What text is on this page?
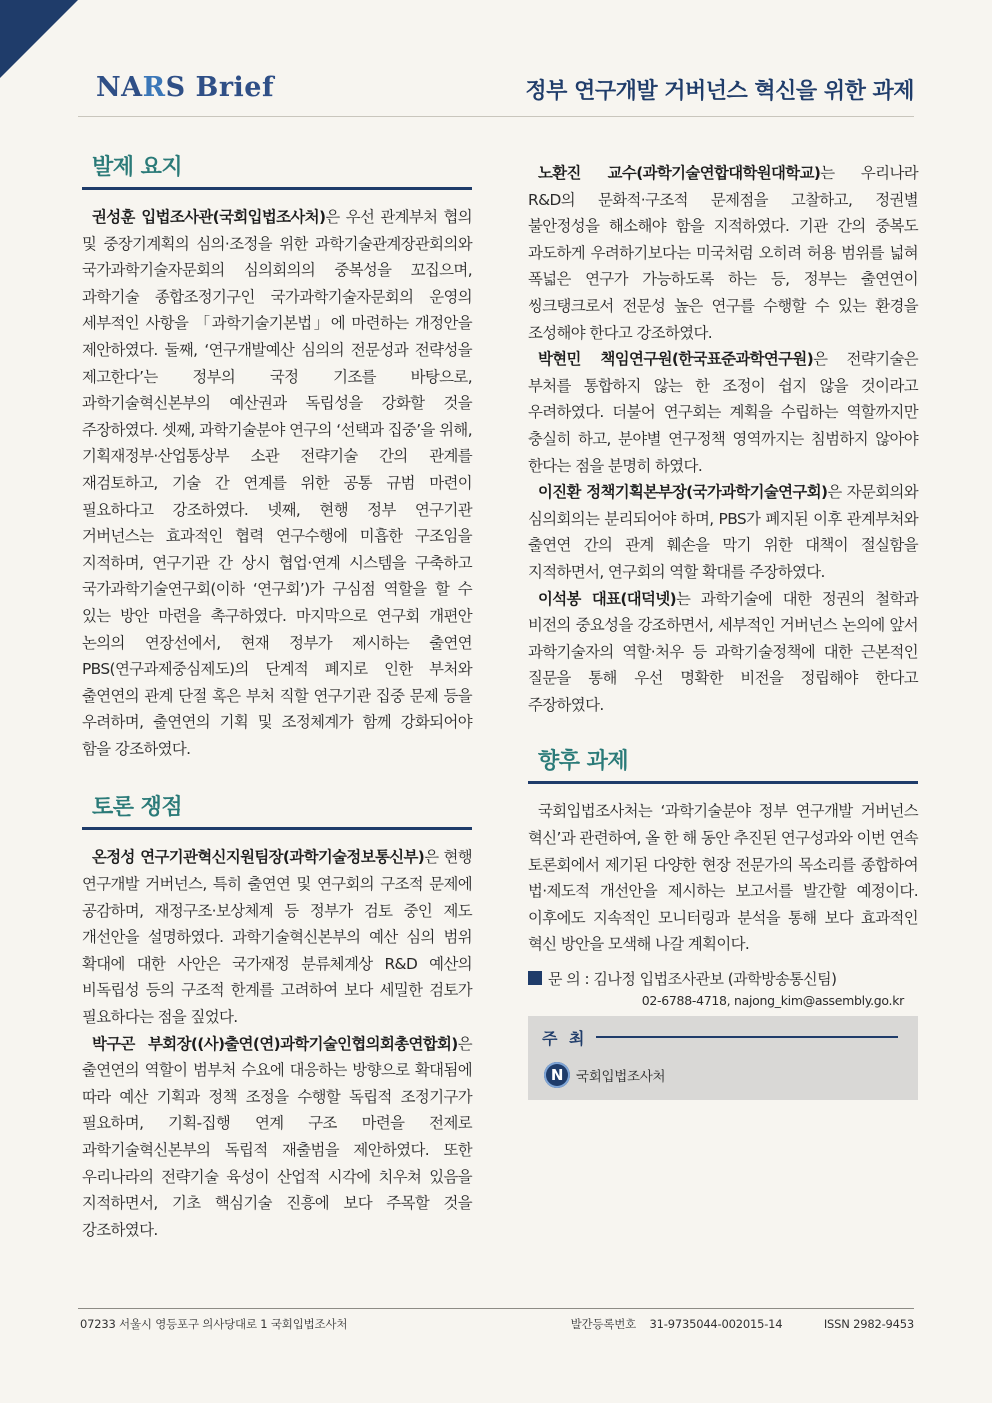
NARS Brief	정부 연구개발 거버넌스 혁신을 위한 과제
발제 요지

권성훈 입법조사관(국회입법조사처)은 우선 관계부처 협의 및 중장기계획의 심의·조정을 위한 과학기술관계장관회의와 국가과학기술자문회의 심의회의의 중복성을 꼬집으며, 과학기술 종합조정기구인 국가과학기술자문회의 운영의 세부적인 사항을 「과학기술기본법」에 마련하는 개정안을 제안하였다. 둘째, ‘연구개발예산 심의의 전문성과 전략성을 제고한다’는 정부의 국정 기조를 바탕으로, 과학기술혁신본부의 예산권과 독립성을 강화할 것을 주장하였다. 셋째, 과학기술분야 연구의 ‘선택과 집중’을 위해, 기획재정부·산업통상부 소관 전략기술 간의 관계를 재검토하고, 기술 간 연계를 위한 공통 규범 마련이 필요하다고 강조하였다. 넷째, 현행 정부 연구기관 거버넌스는 효과적인 협력 연구수행에 미흡한 구조임을 지적하며, 연구기관 간 상시 협업·연계 시스템을 구축하고 국가과학기술연구회(이하 ‘연구회’)가 구심점 역할을 할 수 있는 방안 마련을 촉구하였다. 마지막으로 연구회 개편안 논의의 연장선에서, 현재 정부가 제시하는 출연연 PBS(연구과제중심제도)의 단계적 폐지로 인한 부처와 출연연의 관계 단절 혹은 부처 직할 연구기관 집중 문제 등을 우려하며, 출연연의 기획 및 조정체계가 함께 강화되어야 함을 강조하였다.

토론 쟁점

온정성 연구기관혁신지원팀장(과학기술정보통신부)은 현행 연구개발 거버넌스, 특히 출연연 및 연구회의 구조적 문제에 공감하며, 재정구조·보상체계 등 정부가 검토 중인 제도 개선안을 설명하였다. 과학기술혁신본부의 예산 심의 범위 확대에 대한 사안은 국가재정 분류체계상 R&D 예산의 비독립성 등의 구조적 한계를 고려하여 보다 세밀한 검토가 필요하다는 점을 짚었다.

박구곤 부회장((사)출연(연)과학기술인협의회총연합회)은 출연연의 역할이 범부처 수요에 대응하는 방향으로 확대됨에 따라 예산 기획과 정책 조정을 수행할 독립적 조정기구가 필요하며, 기획-집행 연계 구조 마련을 전제로 과학기술혁신본부의 독립적 재출범을 제안하였다. 또한 우리나라의 전략기술 육성이 산업적 시각에 치우쳐 있음을 지적하면서, 기초 핵심기술 진흥에 보다 주목할 것을 강조하였다.

노환진 교수(과학기술연합대학원대학교)는 우리나라 R&D의 문화적·구조적 문제점을 고찰하고, 정권별 불안정성을 해소해야 함을 지적하였다. 기관 간의 중복도 과도하게 우려하기보다는 미국처럼 오히려 허용 범위를 넓혀 폭넓은 연구가 가능하도록 하는 등, 정부는 출연연이 씽크탱크로서 전문성 높은 연구를 수행할 수 있는 환경을 조성해야 한다고 강조하였다.

박현민 책임연구원(한국표준과학연구원)은 전략기술은 부처를 통합하지 않는 한 조정이 쉽지 않을 것이라고 우려하였다. 더불어 연구회는 계획을 수립하는 역할까지만 충실히 하고, 분야별 연구정책 영역까지는 침범하지 않아야 한다는 점을 분명히 하였다.

이진환 정책기획본부장(국가과학기술연구회)은 자문회의와 심의회의는 분리되어야 하며, PBS가 폐지된 이후 관계부처와 출연연 간의 관계 훼손을 막기 위한 대책이 절실함을 지적하면서, 연구회의 역할 확대를 주장하였다.

이석봉 대표(대덕넷)는 과학기술에 대한 정권의 철학과 비전의 중요성을 강조하면서, 세부적인 거버넌스 논의에 앞서 과학기술자의 역할·처우 등 과학기술정책에 대한 근본적인 질문을 통해 우선 명확한 비전을 정립해야 한다고 주장하였다.

향후 과제

국회입법조사처는 ‘과학기술분야 정부 연구개발 거버넌스 혁신’과 관련하여, 올 한 해 동안 추진된 연구성과와 이번 연속 토론회에서 제기된 다양한 현장 전문가의 목소리를 종합하여 법·제도적 개선안을 제시하는 보고서를 발간할 예정이다. 이후에도 지속적인 모니터링과 분석을 통해 보다 효과적인 혁신 방안을 모색해 나갈 계획이다.

문 의 : 김나정 입법조사관보 (과학방송통신팀)
02-6788-4718, najong_kim@assembly.go.kr
주 최
N 국회입법조사처
07233 서울시 영등포구 의사당대로 1 국회입법조사처	발간등록번호 31-9735044-002015-14	ISSN 2982-9453
